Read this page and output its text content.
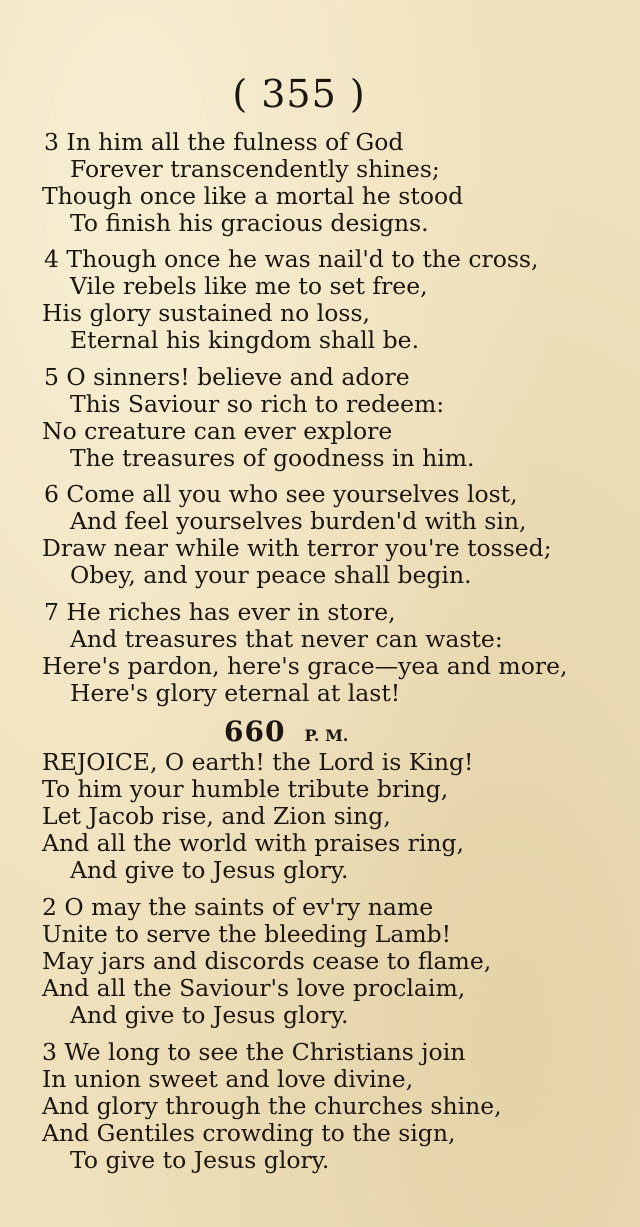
( 355 )
3 In him all the fulness of God
Forever transcendently shines;
Though once like a mortal he stood
To finish his gracious designs.
4 Though once he was nail'd to the cross,
Vile rebels like me to set free,
His glory sustained no loss,
Eternal his kingdom shall be.
5 O sinners! believe and adore
This Saviour so rich to redeem:
No creature can ever explore
The treasures of goodness in him.
6 Come all you who see yourselves lost,
And feel yourselves burden'd with sin,
Draw near while with terror you're tossed;
Obey, and your peace shall begin.
7 He riches has ever in store,
And treasures that never can waste:
Here's pardon, here's grace—yea and more,
Here's glory eternal at last!
660 P. M.
REJOICE, O earth! the Lord is King!
To him your humble tribute bring,
Let Jacob rise, and Zion sing,
And all the world with praises ring,
And give to Jesus glory.
2 O may the saints of ev'ry name
Unite to serve the bleeding Lamb!
May jars and discords cease to flame,
And all the Saviour's love proclaim,
And give to Jesus glory.
3 We long to see the Christians join
In union sweet and love divine,
And glory through the churches shine,
And Gentiles crowding to the sign,
To give to Jesus glory.
